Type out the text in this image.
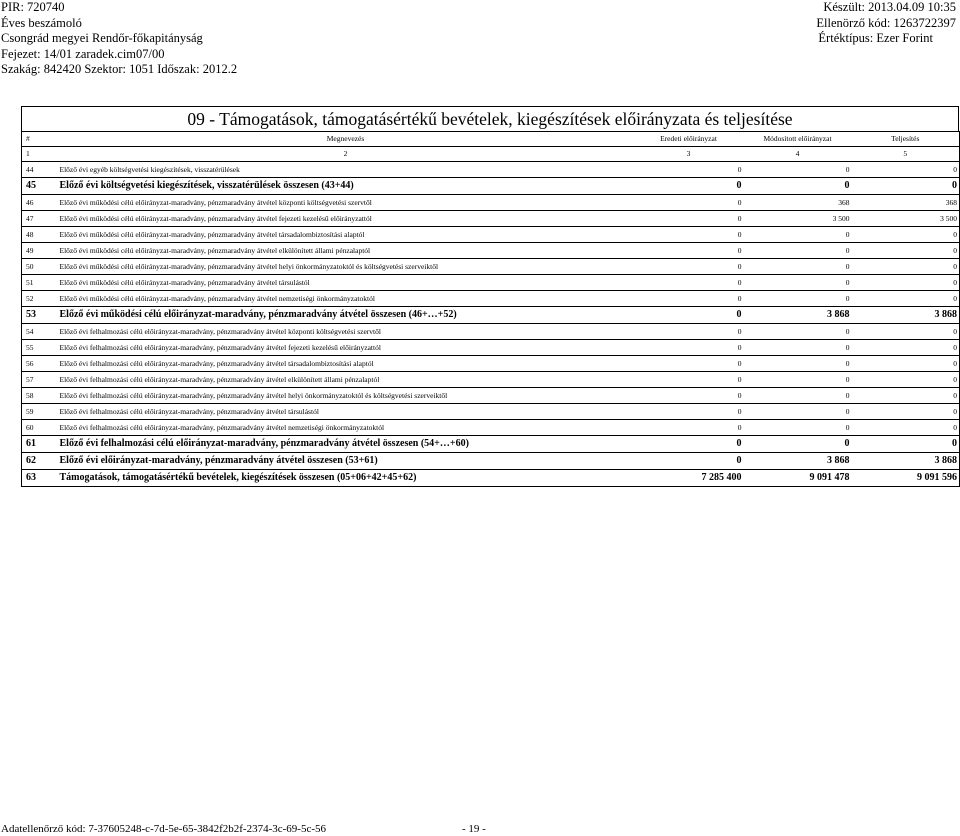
PIR: 720740
Éves beszámoló
Csongrád megyei Rendőr-főkapitányság
Fejezet: 14/01 zaradek.cim07/00
Szakág: 842420 Szektor: 1051 Időszak: 2012.2
Készült: 2013.04.09 10:35
Ellenörző kód: 1263722397
Értéktípus: Ezer Forint
09 - Támogatások, támogatásértékű bevételek, kiegészítések előirányzata és teljesítése
#	Megnevezés	Eredeti előirányzat	Módosított előirányzat	Teljesítés
1	2	3	4	5
44	Előző évi egyéb költségvetési kiegészítések, visszatérülések	0	0	0
45	Előző évi költségvetési kiegészítések, visszatérülések összesen (43+44)	0	0	0
46	Előző évi működési célú előirányzat-maradvány, pénzmaradvány átvétel központi költségvetési szervtől	0	368	368
47	Előző évi működési célú előirányzat-maradvány, pénzmaradvány átvétel fejezeti kezelésű előirányzattól	0	3 500	3 500
48	Előző évi működési célú előirányzat-maradvány, pénzmaradvány átvétel társadalombiztosítási alaptól	0	0	0
49	Előző évi működési célú előirányzat-maradvány, pénzmaradvány átvétel elkülönített állami pénzalaptól	0	0	0
50	Előző évi működési célú előirányzat-maradvány, pénzmaradvány átvétel helyi önkormányzatoktól és költségvetési szerveiktől	0	0	0
51	Előző évi működési célú előirányzat-maradvány, pénzmaradvány átvétel társulástól	0	0	0
52	Előző évi működési célú előirányzat-maradvány, pénzmaradvány átvétel nemzetiségi önkormányzatoktól	0	0	0
53	Előző évi működési célú előirányzat-maradvány, pénzmaradvány átvétel összesen (46+…+52)	0	3 868	3 868
54	Előző évi felhalmozási célú előirányzat-maradvány, pénzmaradvány átvétel központi költségvetési szervtől	0	0	0
55	Előző évi felhalmozási célú előirányzat-maradvány, pénzmaradvány átvétel fejezeti kezelésű előirányzattól	0	0	0
56	Előző évi felhalmozási célú előirányzat-maradvány, pénzmaradvány átvétel társadalombiztosítási alaptól	0	0	0
57	Előző évi felhalmozási célú előirányzat-maradvány, pénzmaradvány átvétel elkülönített állami pénzalaptól	0	0	0
58	Előző évi felhalmozási célú előirányzat-maradvány, pénzmaradvány átvétel helyi önkormányzatoktól és költségvetési szerveiktől	0	0	0
59	Előző évi felhalmozási célú előirányzat-maradvány, pénzmaradvány átvétel társulástól	0	0	0
60	Előző évi felhalmozási célú előirányzat-maradvány, pénzmaradvány átvétel nemzetiségi önkormányzatoktól	0	0	0
61	Előző évi felhalmozási célú előirányzat-maradvány, pénzmaradvány átvétel összesen (54+…+60)	0	0	0
62	Előző évi előirányzat-maradvány, pénzmaradvány átvétel összesen (53+61)	0	3 868	3 868
63	Támogatások, támogatásértékű bevételek, kiegészítések összesen (05+06+42+45+62)	7 285 400	9 091 478	9 091 596
Adatellenőrző kód: 7-37605248-c-7d-5e-65-3842f2b2f-2374-3c-69-5c-56	- 19 -
